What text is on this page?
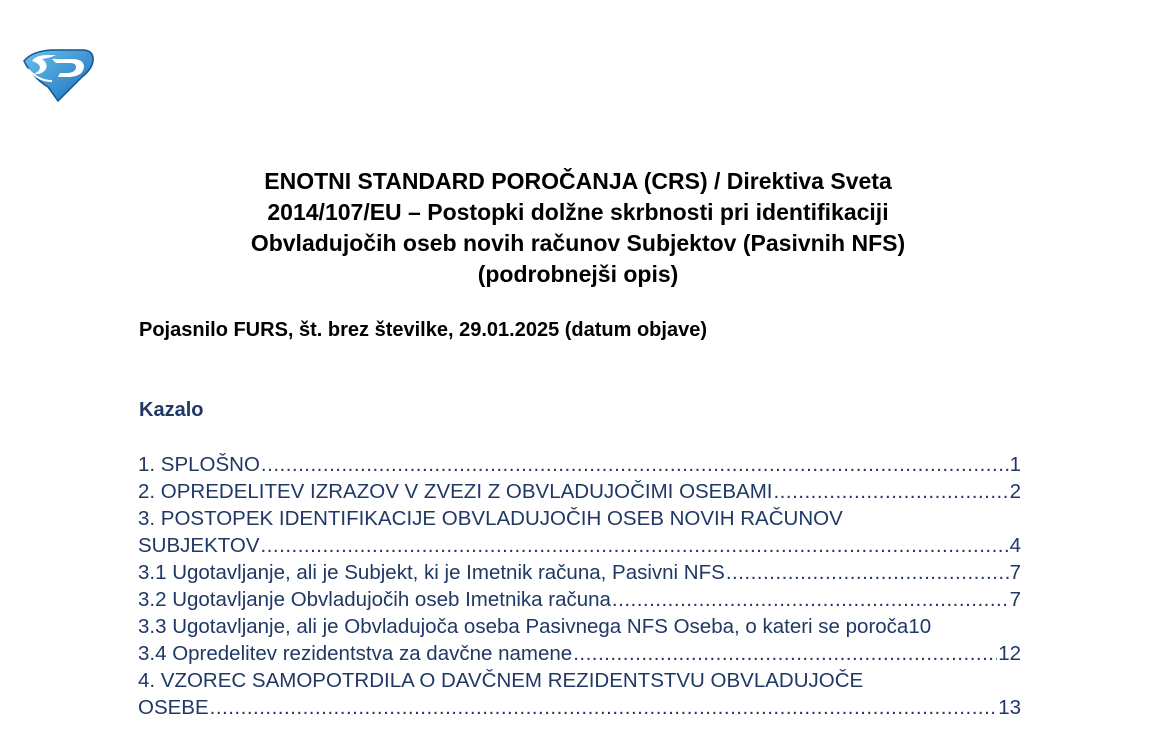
ENOTNI STANDARD POROČANJA (CRS) / Direktiva Sveta
2014/107/EU – Postopki dolžne skrbnosti pri identifikaciji
Obvladujočih oseb novih računov Subjektov (Pasivnih NFS)
(podrobnejši opis)

Pojasnilo FURS, št. brez številke, 29.01.2025 (datum objave)

Kazalo

1. SPLOŠNO .....	1
2. OPREDELITEV IZRAZOV V ZVEZI Z OBVLADUJOČIMI OSEBAMI .....	2
3. POSTOPEK IDENTIFIKACIJE OBVLADUJOČIH OSEB NOVIH RAČUNOV
SUBJEKTOV .....	4
3.1 Ugotavljanje, ali je Subjekt, ki je Imetnik računa, Pasivni NFS .....	7
3.2 Ugotavljanje Obvladujočih oseb Imetnika računa .....	7
3.3 Ugotavljanje, ali je Obvladujoča oseba Pasivnega NFS Oseba, o kateri se poroča 10
3.4 Opredelitev rezidentstva za davčne namene .....	12
4. VZOREC SAMOPOTRDILA O DAVČNEM REZIDENTSTVU OBVLADUJOČE
OSEBE .....	13
